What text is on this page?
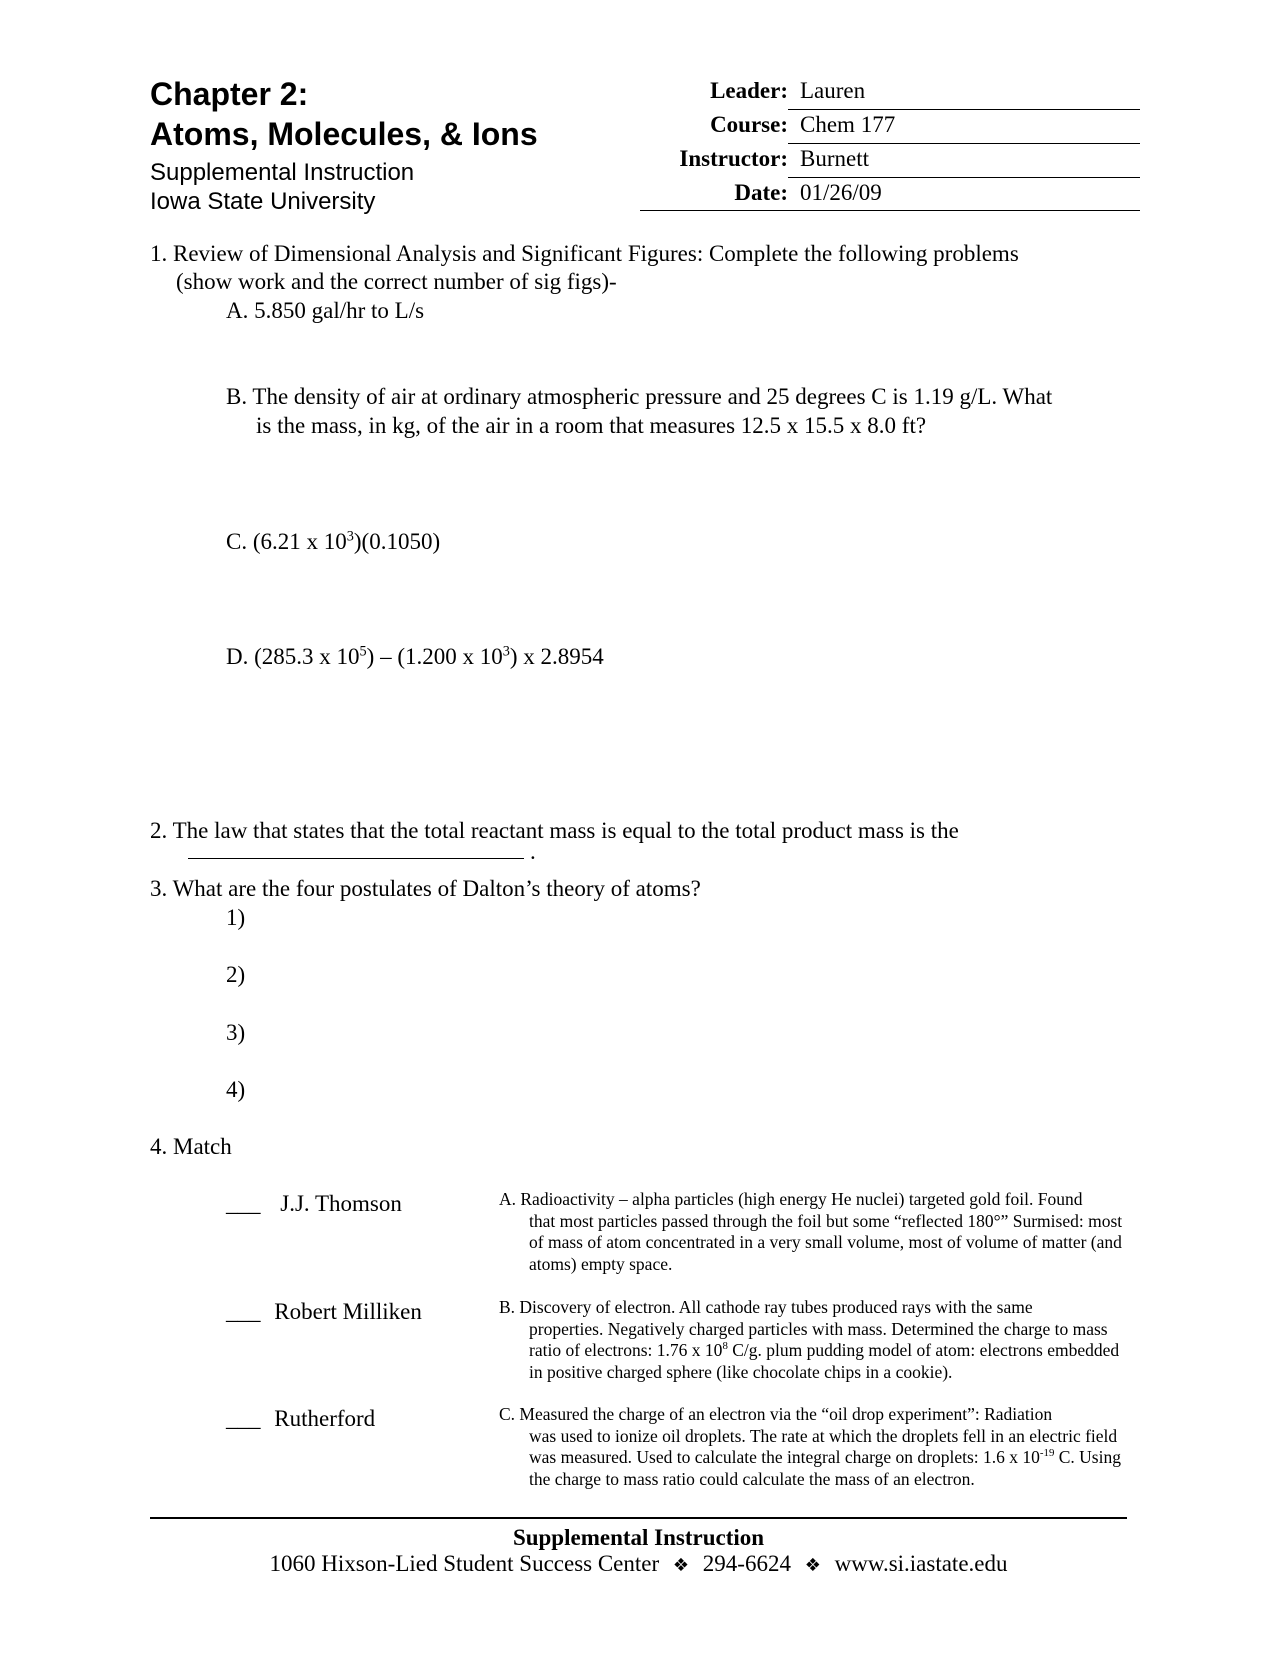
Chapter 2:

Atoms, Molecules, & Ions

Supplemental Instruction

Iowa State University

Leader: Lauren
Course: Chem 177
Instructor: Burnett
Date: 01/26/09
1. Review of Dimensional Analysis and Significant Figures: Complete the following problems
(show work and the correct number of sig figs)-
A. 5.850 gal/hr to L/s
B. The density of air at ordinary atmospheric pressure and 25 degrees C is 1.19 g/L. What
is the mass, in kg, of the air in a room that measures 12.5 x 15.5 x 8.0 ft?
C. (6.21 x $10^3)(0.1050)$
D. (285.3 x $10^5) - (1.200$ x $10^3$) x 2.8954
2. The law that states that the total reactant mass is equal to the total product mass is the
.
3. What are the four postulates of Dalton’s theory of atoms?
1)
2)
3)
4)
4. Match
___ J.J. Thomson
___ Robert Milliken
___ Rutherford
A. Radioactivity – alpha particles (high energy He nuclei) targeted gold foil. Found
that most particles passed through the foil but some “reflected 180°” Surmised: most of mass of atom concentrated in a very small volume, most of volume of matter (and atoms) empty space.
B. Discovery of electron. All cathode ray tubes produced rays with the same
properties. Negatively charged particles with mass. Determined the charge to mass ratio of electrons: 1.76 x $10^8$ C/g. plum pudding model of atom: electrons embedded in positive charged sphere (like chocolate chips in a cookie).
C. Measured the charge of an electron via the “oil drop experiment”: Radiation
was used to ionize oil droplets. The rate at which the droplets fell in an electric field was measured. Used to calculate the integral charge on droplets: 1.6 x $10^{-19}$ C. Using the charge to mass ratio could calculate the mass of an electron.
Supplemental Instruction
1060 Hixson-Lied Student Success Center ❖ 294-6624 ❖ www.si.iastate.edu
